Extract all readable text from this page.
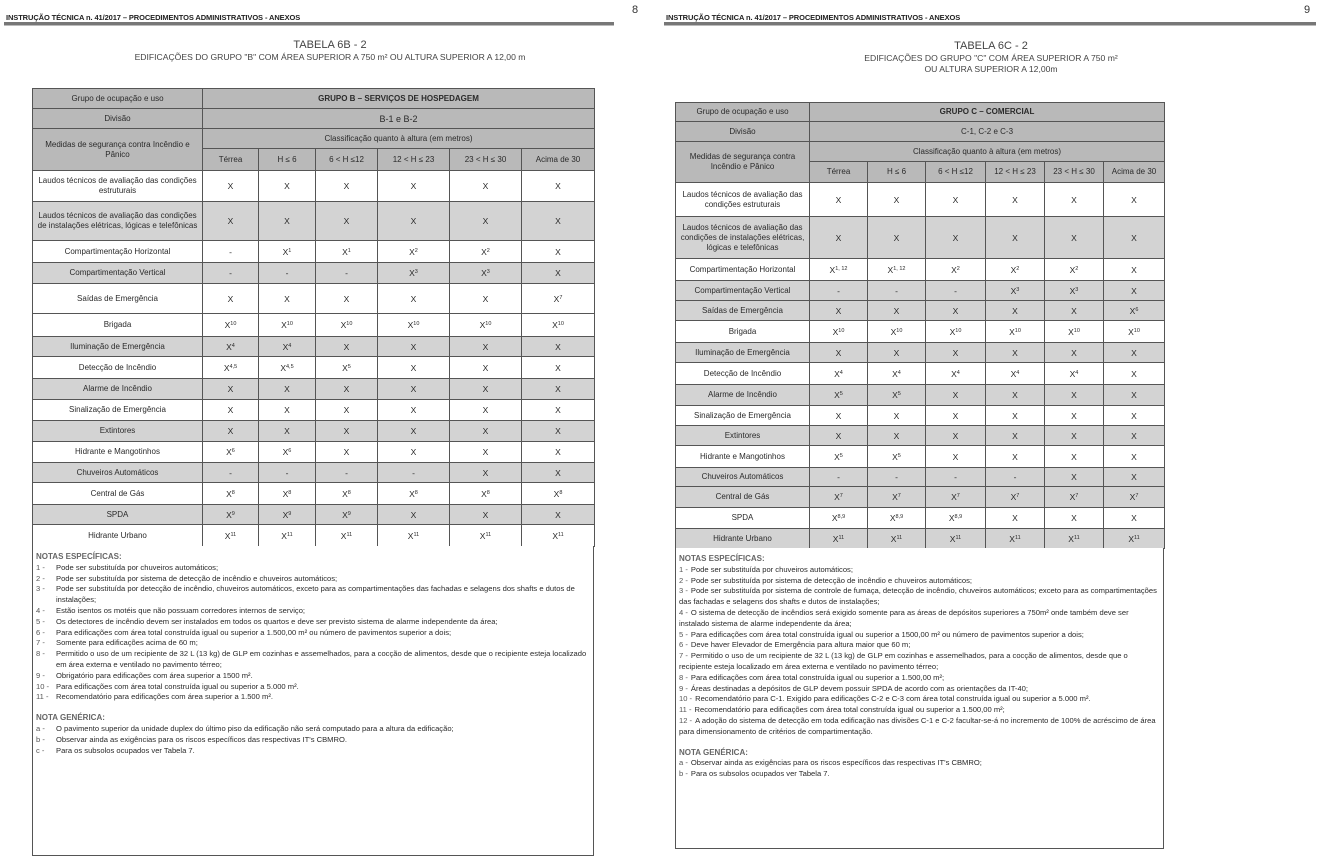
8
INSTRUÇÃO TÉCNICA n. 41/2017 – PROCEDIMENTOS ADMINISTRATIVOS - ANEXOS
TABELA 6B - 2
EDIFICAÇÕES DO GRUPO "B" COM ÁREA SUPERIOR A 750 m² OU ALTURA SUPERIOR A 12,00 m
Grupo de ocupação e uso	GRUPO B – SERVIÇOS DE HOSPEDAGEM					
Divisão	B-1 e B-2					
Medidas de segurança contra Incêndio e Pânico	Classificação quanto à altura (em metros)					
	Térrea	H ≤ 6	6 < H ≤12	12 < H ≤ 23	23 < H ≤ 30	Acima de 30
Laudos técnicos de avaliação das condições estruturais	X	X	X	X	X	X
Laudos técnicos de avaliação das condições de instalações elétricas, lógicas e telefônicas	X	X	X	X	X	X
Compartimentação Horizontal	-	$X^1$	$X^1$	$X^2$	$X^2$	X
Compartimentação Vertical	-	-	-	$X^3$	$X^3$	X
Saídas de Emergência	X	X	X	X	X	$X^7$
Brigada	$X^{10}$	$X^{10}$	$X^{10}$	$X^{10}$	$X^{10}$	$X^{10}$
Iluminação de Emergência	$X^4$	$X^4$	X	X	X	X
Detecção de Incêndio	X$^{4,5}$	X$^{4,5}$	$X^5$	X	X	X
Alarme de Incêndio	X	X	X	X	X	X
Sinalização de Emergência	X	X	X	X	X	X
Extintores	X	X	X	X	X	X
Hidrante e Mangotinhos	$X^6$	$X^6$	X	X	X	X
Chuveiros Automáticos	-	-	-	-	X	X
Central de Gás	$X^8$	$X^8$	$X^8$	$X^8$	$X^8$	$X^8$
SPDA	$X^9$	$X^9$	$X^9$	X	X	X
Hidrante Urbano	$X^{11}$	$X^{11}$	$X^{11}$	$X^{11}$	$X^{11}$	$X^{11}$
NOTAS ESPECÍFICAS:
1 -	Pode ser substituída por chuveiros automáticos;
2 -	Pode ser substituída por sistema de detecção de incêndio e chuveiros automáticos;
3 -	Pode ser substituída por detecção de incêndio, chuveiros automáticos, exceto para as compartimentações das fachadas e selagens dos shafts e dutos de instalações;
4 -	Estão isentos os motéis que não possuam corredores internos de serviço;
5 -	Os detectores de incêndio devem ser instalados em todos os quartos e deve ser previsto sistema de alarme independente da área;
6 -	Para edificações com área total construída igual ou superior a 1.500,00 m² ou número de pavimentos superior a dois;
7 -	Somente para edificações acima de 60 m;
8 -	Permitido o uso de um recipiente de 32 L (13 kg) de GLP em cozinhas e assemelhados, para a cocção de alimentos, desde que o recipiente esteja localizado em área externa e ventilado no pavimento térreo;
9 -	Obrigatório para edificações com área superior a 1500 m².
10 - Para edificações com área total construída igual ou superior a 5.000 m².
11 - Recomendatório para edificações com área superior a 1.500 m².
NOTA GENÉRICA:
a -	O pavimento superior da unidade duplex do último piso da edificação não será computado para a altura da edificação;
b -	Observar ainda as exigências para os riscos específicos das respectivas IT's CBMRO.
c -	Para os subsolos ocupados ver Tabela 7.
9
INSTRUÇÃO TÉCNICA n. 41/2017 – PROCEDIMENTOS ADMINISTRATIVOS - ANEXOS
TABELA 6C - 2
EDIFICAÇÕES DO GRUPO "C" COM ÁREA SUPERIOR A 750 m²
OU ALTURA SUPERIOR A 12,00m
Grupo de ocupação e uso	GRUPO C – COMERCIAL					
Divisão	C-1, C-2 e C-3					
Medidas de segurança contra Incêndio e Pânico	Classificação quanto à altura (em metros)					
	Térrea	H ≤ 6	6 < H ≤12	12 < H ≤ 23	23 < H ≤ 30	Acima de 30
Laudos técnicos de avaliação das condições estruturais	X	X	X	X	X	X
Laudos técnicos de avaliação das condições de instalações elétricas, lógicas e telefônicas	X	X	X	X	X	X
Compartimentação Horizontal	X$^{1, 12}$	X$^{1, 12}$	$X^2$	$X^2$	$X^2$	X
Compartimentação Vertical	-	-	-	$X^3$	$X^3$	X
Saídas de Emergência	X	X	X	X	X	$X^6$
Brigada	$X^{10}$	$X^{10}$	$X^{10}$	$X^{10}$	$X^{10}$	$X^{10}$
Iluminação de Emergência	X	X	X	X	X	X
Detecção de Incêndio	$X^4$	$X^4$	$X^4$	$X^4$	$X^4$	X
Alarme de Incêndio	$X^5$	$X^5$	X	X	X	X
Sinalização de Emergência	X	X	X	X	X	X
Extintores	X	X	X	X	X	X
Hidrante e Mangotinhos	$X^5$	$X^5$	X	X	X	X
Chuveiros Automáticos	-	-	-	-	X	X
Central de Gás	$X^7$	$X^7$	$X^7$	$X^7$	$X^7$	$X^7$
SPDA	X$^{8,9}$	X$^{8,9}$	X$^{8,9}$	X	X	X
Hidrante Urbano	$X^{11}$	$X^{11}$	$X^{11}$	$X^{11}$	$X^{11}$	$X^{11}$
NOTAS ESPECÍFICAS:
1 - Pode ser substituída por chuveiros automáticos;
2 - Pode ser substituída por sistema de detecção de incêndio e chuveiros automáticos;
3 - Pode ser substituída por sistema de controle de fumaça, detecção de incêndio, chuveiros automáticos; exceto para as compartimentações das fachadas e selagens dos shafts e dutos de instalações;
4 - O sistema de detecção de incêndios será exigido somente para as áreas de depósitos superiores a 750m² onde também deve ser instalado sistema de alarme independente da área;
5 - Para edificações com área total construída igual ou superior a 1500,00 m² ou número de pavimentos superior a dois;
6 - Deve haver Elevador de Emergência para altura maior que 60 m;
7 - Permitido o uso de um recipiente de 32 L (13 kg) de GLP em cozinhas e assemelhados, para a cocção de alimentos, desde que o recipiente esteja localizado em área externa e ventilado no pavimento térreo;
8 - Para edificações com área total construída igual ou superior a 1.500,00 m²;
9 - Áreas destinadas a depósitos de GLP devem possuir SPDA de acordo com as orientações da IT-40;
10 - Recomendatório para C-1. Exigido para edificações C-2 e C-3 com área total construída igual ou superior a 5.000 m².
11 - Recomendatório para edificações com área total construída igual ou superior a 1.500,00 m²;
12 - A adoção do sistema de detecção em toda edificação nas divisões C-1 e C-2 facultar-se-á no incremento de 100% de acréscimo de área para dimensionamento de critérios de compartimentação.
NOTA GENÉRICA:
a - Observar ainda as exigências para os riscos específicos das respectivas IT's CBMRO;
b - Para os subsolos ocupados ver Tabela 7.
